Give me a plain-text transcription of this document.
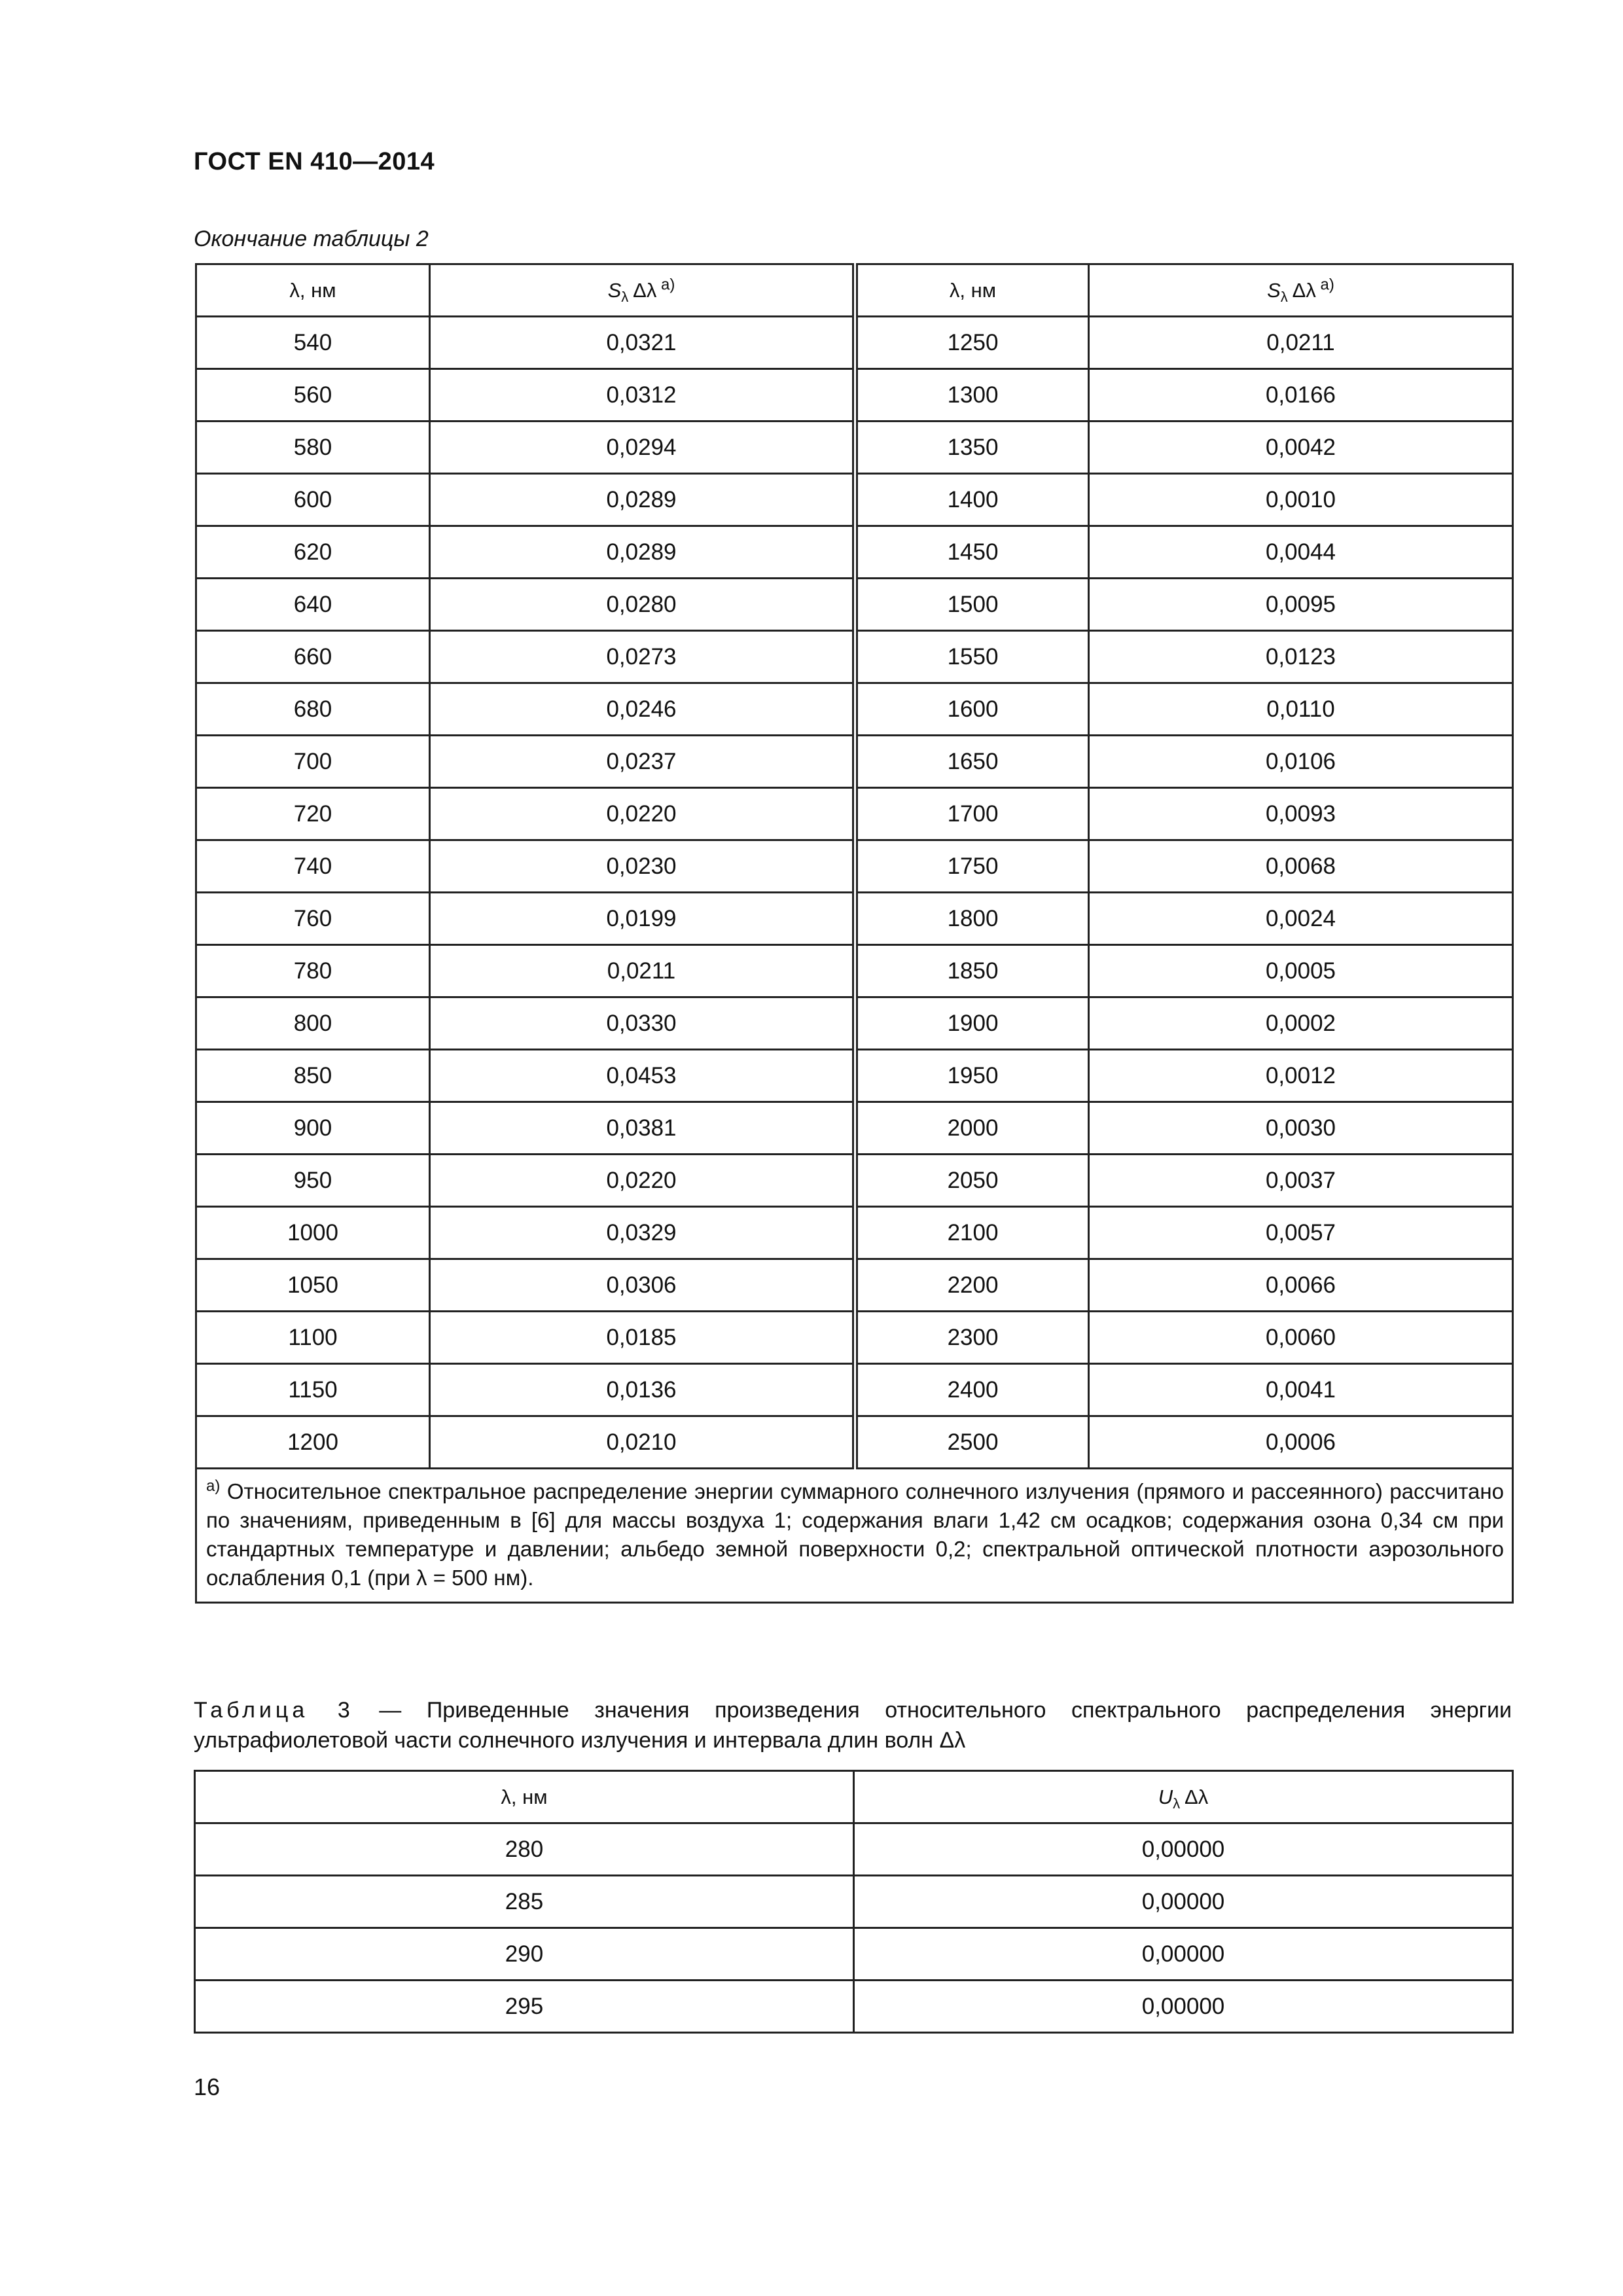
ГОСТ EN 410—2014
Окончание таблицы 2
λ, нм	$S_\lambda$ Δλ $^{а)}$	λ, нм	$S_\lambda$ Δλ $^{а)}$
540	0,0321	1250	0,0211
560	0,0312	1300	0,0166
580	0,0294	1350	0,0042
600	0,0289	1400	0,0010
620	0,0289	1450	0,0044
640	0,0280	1500	0,0095
660	0,0273	1550	0,0123
680	0,0246	1600	0,0110
700	0,0237	1650	0,0106
720	0,0220	1700	0,0093
740	0,0230	1750	0,0068
760	0,0199	1800	0,0024
780	0,0211	1850	0,0005
800	0,0330	1900	0,0002
850	0,0453	1950	0,0012
900	0,0381	2000	0,0030
950	0,0220	2050	0,0037
1000	0,0329	2100	0,0057
1050	0,0306	2200	0,0066
1100	0,0185	2300	0,0060
1150	0,0136	2400	0,0041
1200	0,0210	2500	0,0006
$^{а)}$ Относительное спектральное распределение энергии суммарного солнечного излучения (прямого и рассеянного) рассчитано по значениям, приведенным в [6] для массы воздуха 1; содержания влаги 1,42 см осадков; содержания озона 0,34 см при стандартных температуре и давлении; альбедо земной поверхности 0,2; спектральной оптической плотности аэрозольного ослабления 0,1 (при λ = 500 нм).			
Таблица 3 — Приведенные значения произведения относительного спектрального распределения энергии ультрафиолетовой части солнечного излучения и интервала длин волн Δλ
λ, нм	$U_\lambda$ Δλ
280	0,00000
285	0,00000
290	0,00000
295	0,00000
16
